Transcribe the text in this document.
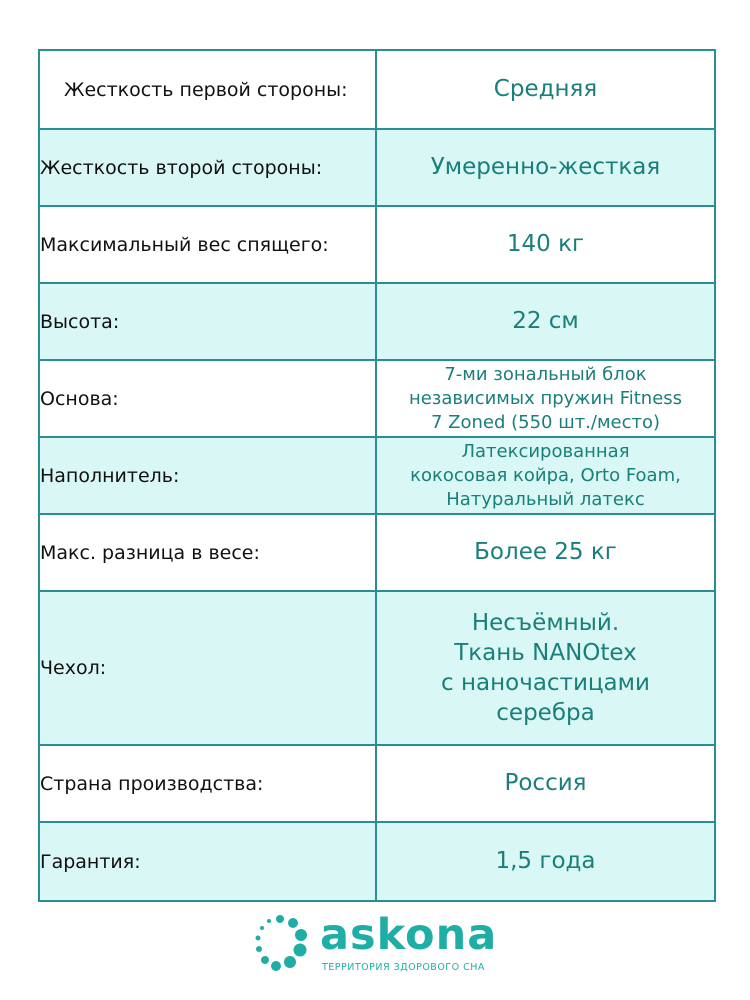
Жесткость первой стороны:	Средняя

Жесткость второй стороны:	Умеренно-жесткая

Максимальный вес спящего:	140 кг

Высота:	22 см

Основа:	7-ми зональный блок
независимых пружин Fitness
7 Zoned (550 шт./место)

Наполнитель:	Латексированная
кокосовая койра, Orto Foam,
Натуральный латекс

Макс. разница в весе:	Более 25 кг

Чехол:	Несъёмный.
Ткань NANOtex
с наночастицами
серебра

Страна производства:	Россия

Гарантия:	1,5 года
askona
ТЕРРИТОРИЯ ЗДОРОВОГО СНА
